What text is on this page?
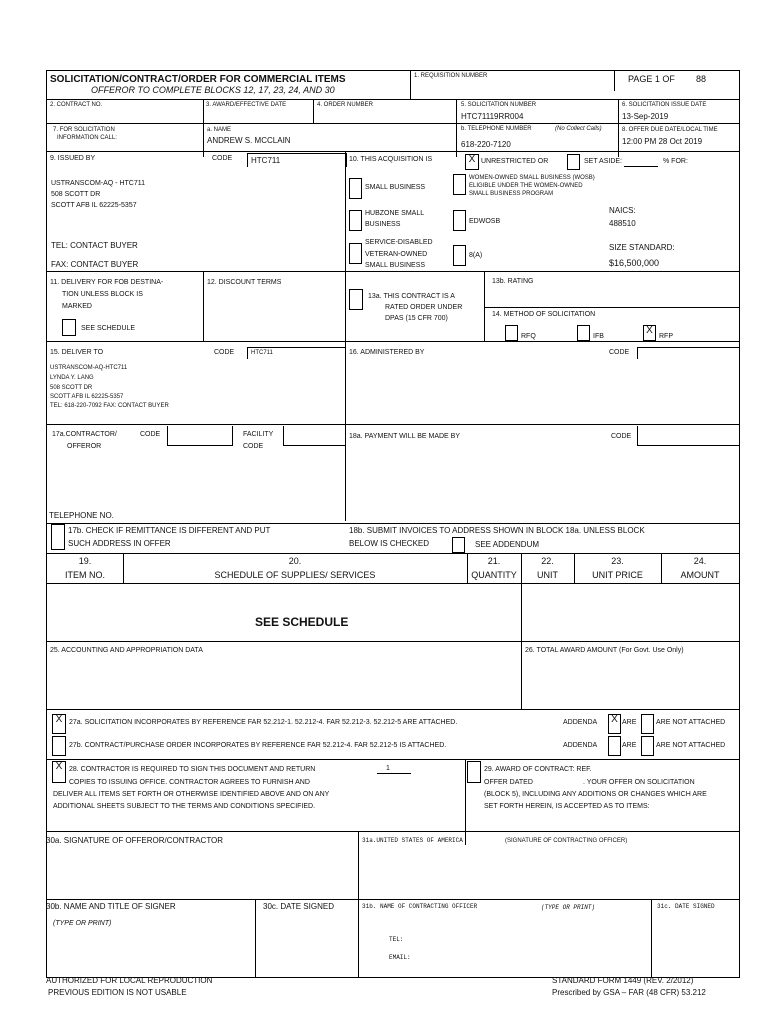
SOLICITATION/CONTRACT/ORDER FOR COMMERCIAL ITEMS
OFFEROR TO COMPLETE BLOCKS 12, 17, 23, 24, AND 30
1. REQUISITION NUMBER	PAGE 1 OF 88
2. CONTRACT NO.	3. AWARD/EFFECTIVE DATE	4. ORDER NUMBER	5. SOLICITATION NUMBER
HTC71119RR004
6. SOLICITATION ISSUE DATE
13-Sep-2019
7. FOR SOLICITATION
INFORMATION CALL:
a. NAME
ANDREW S. MCCLAIN
b. TELEPHONE NUMBER	(No Collect Calls)
618-220-7120
8. OFFER DUE DATE/LOCAL TIME
12:00 PM 28 Oct 2019
9. ISSUED BY	CODE HTC711
USTRANSCOM-AQ - HTC711
508 SCOTT DR
SCOTT AFB IL 62225-5357
TEL: CONTACT BUYER
FAX: CONTACT BUYER
10. THIS ACQUISITION IS	X UNRESTRICTED OR	SET ASIDE:	% FOR:
SMALL BUSINESS
WOMEN-OWNED SMALL BUSINESS (WOSB)
ELIGIBLE UNDER THE WOMEN-OWNED
SMALL BUSINESS PROGRAM
HUBZONE SMALL
BUSINESS	EDWOSB
NAICS:
488510
SERVICE-DISABLED
VETERAN-OWNED
SMALL BUSINESS
8(A)
SIZE STANDARD:
$16,500,000
11. DELIVERY FOR FOB DESTINA-
TION UNLESS BLOCK IS
MARKED
SEE SCHEDULE
12. DISCOUNT TERMS
13a. THIS CONTRACT IS A
RATED ORDER UNDER
DPAS (15 CFR 700)
13b. RATING
14. METHOD OF SOLICITATION
RFQ	IFB
X
RFP
15. DELIVER TO	CODE	HTC711
USTRANSCOM-AQ-HTC711
LYNDA Y. LANG
508 SCOTT DR
SCOTT AFB IL 62225-5357
TEL: 618-220-7092 FAX: CONTACT BUYER
16. ADMINISTERED BY	CODE
17a.CONTRACTOR/
OFFEROR
CODE	FACILITY
CODE
18a. PAYMENT WILL BE MADE BY	CODE
TELEPHONE NO.
17b. CHECK IF REMITTANCE IS DIFFERENT AND PUT
SUCH ADDRESS IN OFFER
18b. SUBMIT INVOICES TO ADDRESS SHOWN IN BLOCK 18a. UNLESS BLOCK
BELOW IS CHECKED	SEE ADDENDUM
19.
ITEM NO.
20.
SCHEDULE OF SUPPLIES/ SERVICES
21.
QUANTITY
22.
UNIT
23.
UNIT PRICE
24.
AMOUNT
SEE SCHEDULE
25. ACCOUNTING AND APPROPRIATION DATA	26. TOTAL AWARD AMOUNT (For Govt. Use Only)
X 27a. SOLICITATION INCORPORATES BY REFERENCE FAR 52.212-1. 52.212-4. FAR 52.212-3. 52.212-5 ARE ATTACHED.	ADDENDA	X ARE	ARE NOT ATTACHED
27b. CONTRACT/PURCHASE ORDER INCORPORATES BY REFERENCE FAR 52.212-4. FAR 52.212-5 IS ATTACHED.	ADDENDA	ARE	ARE NOT ATTACHED
X 28. CONTRACTOR IS REQUIRED TO SIGN THIS DOCUMENT AND RETURN	1
COPIES TO ISSUING OFFICE. CONTRACTOR AGREES TO FURNISH AND
DELIVER ALL ITEMS SET FORTH OR OTHERWISE IDENTIFIED ABOVE AND ON ANY
ADDITIONAL SHEETS SUBJECT TO THE TERMS AND CONDITIONS SPECIFIED.
29. AWARD OF CONTRACT: REF.
OFFER DATED	. YOUR OFFER ON SOLICITATION
(BLOCK 5), INCLUDING ANY ADDITIONS OR CHANGES WHICH ARE
SET FORTH HEREIN, IS ACCEPTED AS TO ITEMS:
30a. SIGNATURE OF OFFEROR/CONTRACTOR	31a.UNITED STATES OF AMERICA	(SIGNATURE OF CONTRACTING OFFICER)
30b. NAME AND TITLE OF SIGNER
(TYPE OR PRINT)
30c. DATE SIGNED	31b. NAME OF CONTRACTING OFFICER	(TYPE OR PRINT)	31c. DATE SIGNED
TEL:
EMAIL:
AUTHORIZED FOR LOCAL REPRODUCTION
PREVIOUS EDITION IS NOT USABLE
STANDARD FORM 1449 (REV. 2/2012)
Prescribed by GSA – FAR (48 CFR) 53.212
